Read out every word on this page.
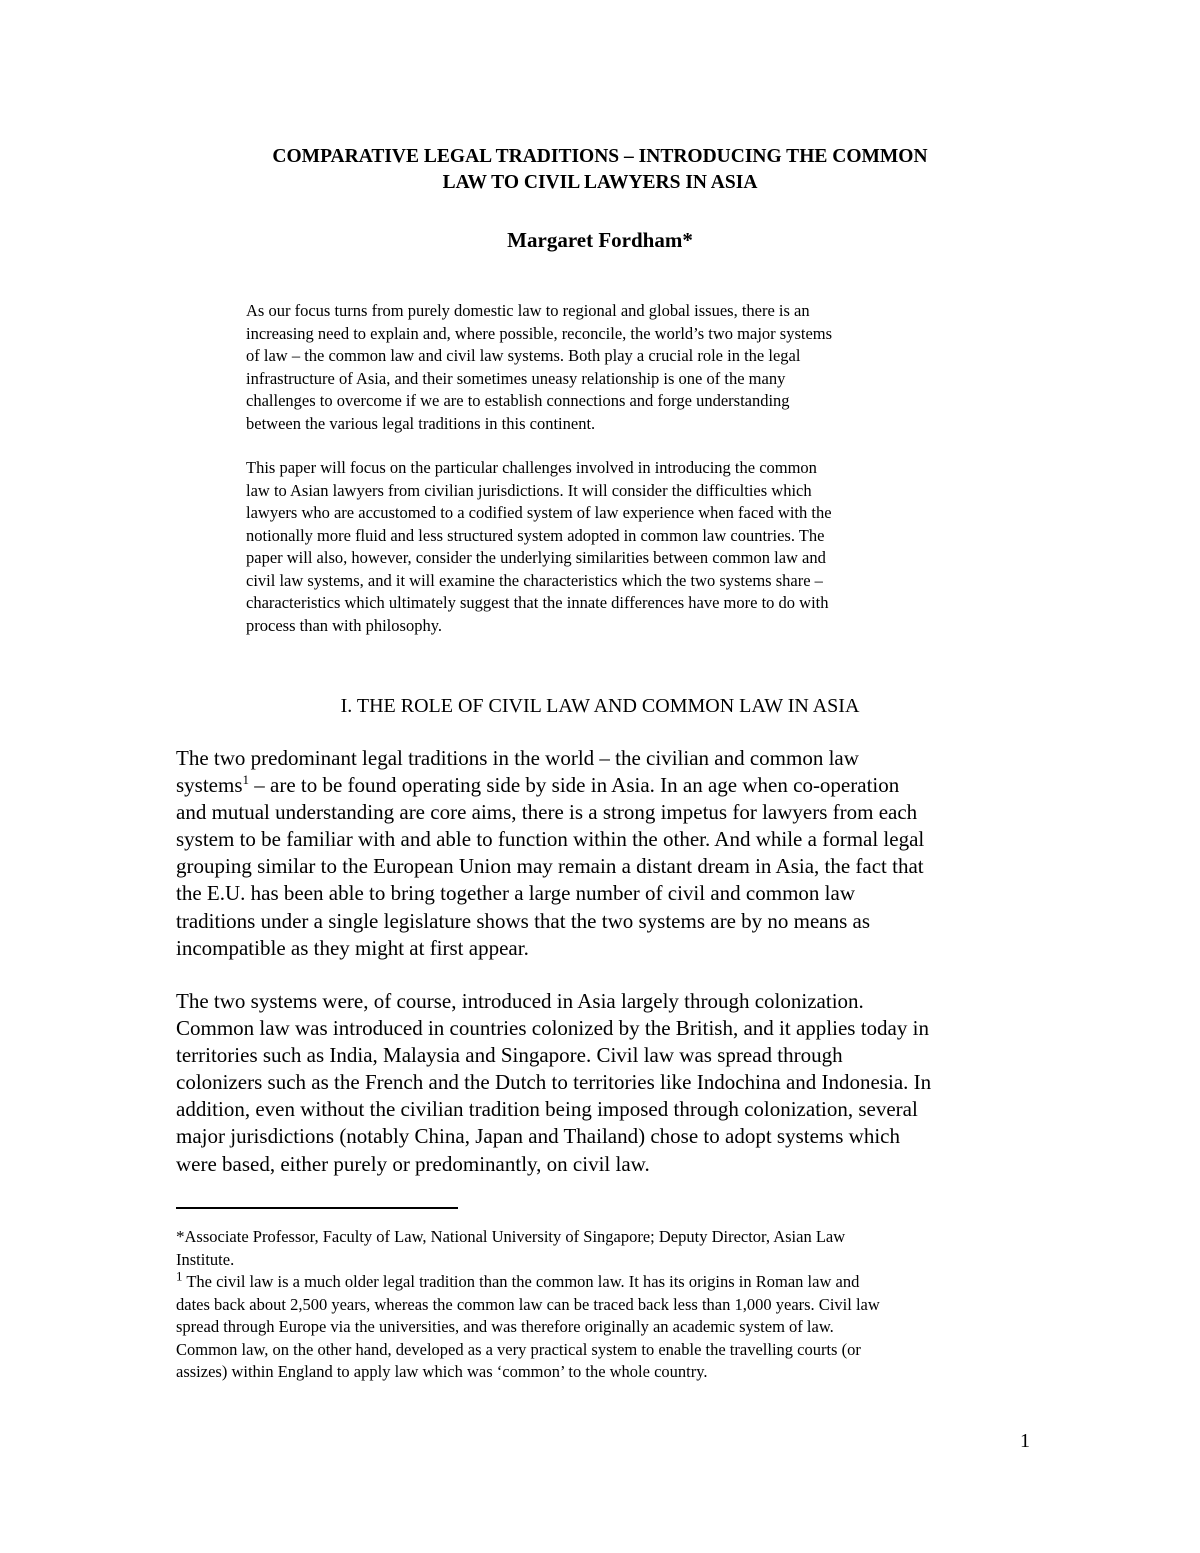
COMPARATIVE LEGAL TRADITIONS – INTRODUCING THE COMMON
LAW TO CIVIL LAWYERS IN ASIA
Margaret Fordham*
As our focus turns from purely domestic law to regional and global issues, there is an
increasing need to explain and, where possible, reconcile, the world’s two major systems
of law – the common law and civil law systems. Both play a crucial role in the legal
infrastructure of Asia, and their sometimes uneasy relationship is one of the many
challenges to overcome if we are to establish connections and forge understanding
between the various legal traditions in this continent.
This paper will focus on the particular challenges involved in introducing the common
law to Asian lawyers from civilian jurisdictions. It will consider the difficulties which
lawyers who are accustomed to a codified system of law experience when faced with the
notionally more fluid and less structured system adopted in common law countries. The
paper will also, however, consider the underlying similarities between common law and
civil law systems, and it will examine the characteristics which the two systems share –
characteristics which ultimately suggest that the innate differences have more to do with
process than with philosophy.
I. THE ROLE OF CIVIL LAW AND COMMON LAW IN ASIA
The two predominant legal traditions in the world – the civilian and common law
systems$^1$ – are to be found operating side by side in Asia. In an age when co-operation
and mutual understanding are core aims, there is a strong impetus for lawyers from each
system to be familiar with and able to function within the other. And while a formal legal
grouping similar to the European Union may remain a distant dream in Asia, the fact that
the E.U. has been able to bring together a large number of civil and common law
traditions under a single legislature shows that the two systems are by no means as
incompatible as they might at first appear.
The two systems were, of course, introduced in Asia largely through colonization.
Common law was introduced in countries colonized by the British, and it applies today in
territories such as India, Malaysia and Singapore. Civil law was spread through
colonizers such as the French and the Dutch to territories like Indochina and Indonesia. In
addition, even without the civilian tradition being imposed through colonization, several
major jurisdictions (notably China, Japan and Thailand) chose to adopt systems which
were based, either purely or predominantly, on civil law.
*Associate Professor, Faculty of Law, National University of Singapore; Deputy Director, Asian Law
Institute.
$^1$ The civil law is a much older legal tradition than the common law. It has its origins in Roman law and
dates back about 2,500 years, whereas the common law can be traced back less than 1,000 years. Civil law
spread through Europe via the universities, and was therefore originally an academic system of law.
Common law, on the other hand, developed as a very practical system to enable the travelling courts (or
assizes) within England to apply law which was ‘common’ to the whole country.
1
